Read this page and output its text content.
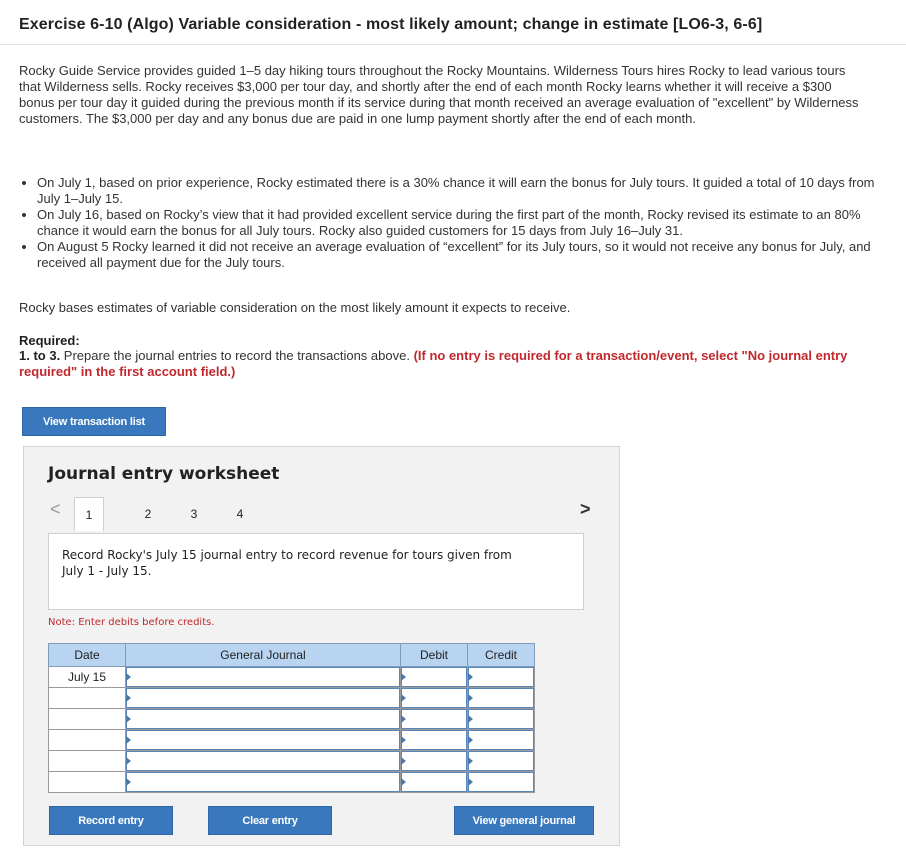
Exercise 6-10 (Algo) Variable consideration - most likely amount; change in estimate [LO6-3, 6-6]

Rocky Guide Service provides guided 1–5 day hiking tours throughout the Rocky Mountains. Wilderness Tours hires Rocky to lead various tours that Wilderness sells. Rocky receives $3,000 per tour day, and shortly after the end of each month Rocky learns whether it will receive a $300 bonus per tour day it guided during the previous month if its service during that month received an average evaluation of "excellent" by Wilderness customers. The $3,000 per day and any bonus due are paid in one lump payment shortly after the end of each month.

• On July 1, based on prior experience, Rocky estimated there is a 30% chance it will earn the bonus for July tours. It guided a total of 10 days from July 1–July 15.
• On July 16, based on Rocky’s view that it had provided excellent service during the first part of the month, Rocky revised its estimate to an 80% chance it would earn the bonus for all July tours. Rocky also guided customers for 15 days from July 16–July 31.
• On August 5 Rocky learned it did not receive an average evaluation of “excellent” for its July tours, so it would not receive any bonus for July, and received all payment due for the July tours.

Rocky bases estimates of variable consideration on the most likely amount it expects to receive.

Required:

1. to 3. Prepare the journal entries to record the transactions above. (If no entry is required for a transaction/event, select "No journal entry required" in the first account field.)

View transaction list
Journal entry worksheet
< 1	2	3	4	>

Record Rocky's July 15 journal entry to record revenue for tours given from July 1 - July 15.

Note: Enter debits before credits.

Date	General Journal	Debit	Credit
July 15	

Record entry	Clear entry	View general journal
